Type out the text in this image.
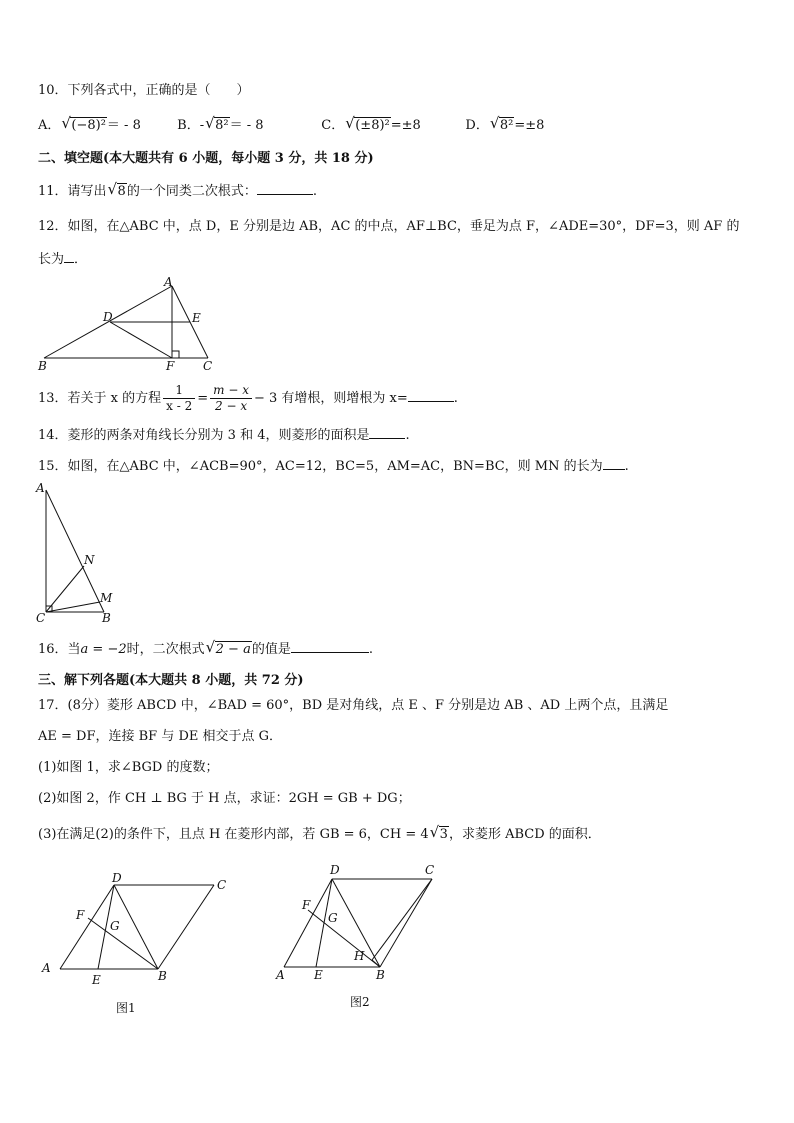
10．下列各式中，正确的是（　　）
A． √ (−8)²＝ - 8	B．- √ 8²＝ - 8	C． √ (±8)²=±8	D． √ 8²=±8
二、填空题(本大题共有 6 小题，每小题 3 分，共 18 分)
11．请写出 √ 8的一个同类二次根式：	.
12．如图，在△ABC 中，点 D，E 分别是边 AB，AC 的中点，AF⊥BC，垂足为点 F，∠ADE=30°，DF=3，则 AF 的
长为 ．
A
D	E
B	F C
13．若关于 x 的方程 $\frac{1}{x - 2} = \frac{m - x}{2 - x} - 3$ 有增根，则增根为 x=	.
14．菱形的两条对角线长分别为 3 和 4，则菱形的面积是	.
15．如图，在△ABC 中，∠ACB=90°，AC=12，BC=5，AM=AC，BN=BC，则 MN 的长为 .
A
N
M
C	B
16．当a = −2时，二次根式 √ 2 − a的值是	.
三、解下列各题(本大题共 8 小题，共 72 分)
17．(8分）菱形 ABCD 中，∠BAD = 60°，BD 是对角线，点 E 、F 分别是边 AB 、AD 上两个点，且满足
AE = DF，连接 BF 与 DE 相交于点 G．
(1)如图 1，求∠BGD 的度数；
(2)如图 2，作 CH ⊥ BG 于 H 点，求证：2GH = GB + DG；
(3)在满足(2)的条件下，且点 H 在菱形内部，若 GB = 6，CH = 4 √ 3，求菱形 ABCD 的面积．
D	C
F
G
A
E	B
图1
D	C
F
G
H
A E	B
图2
